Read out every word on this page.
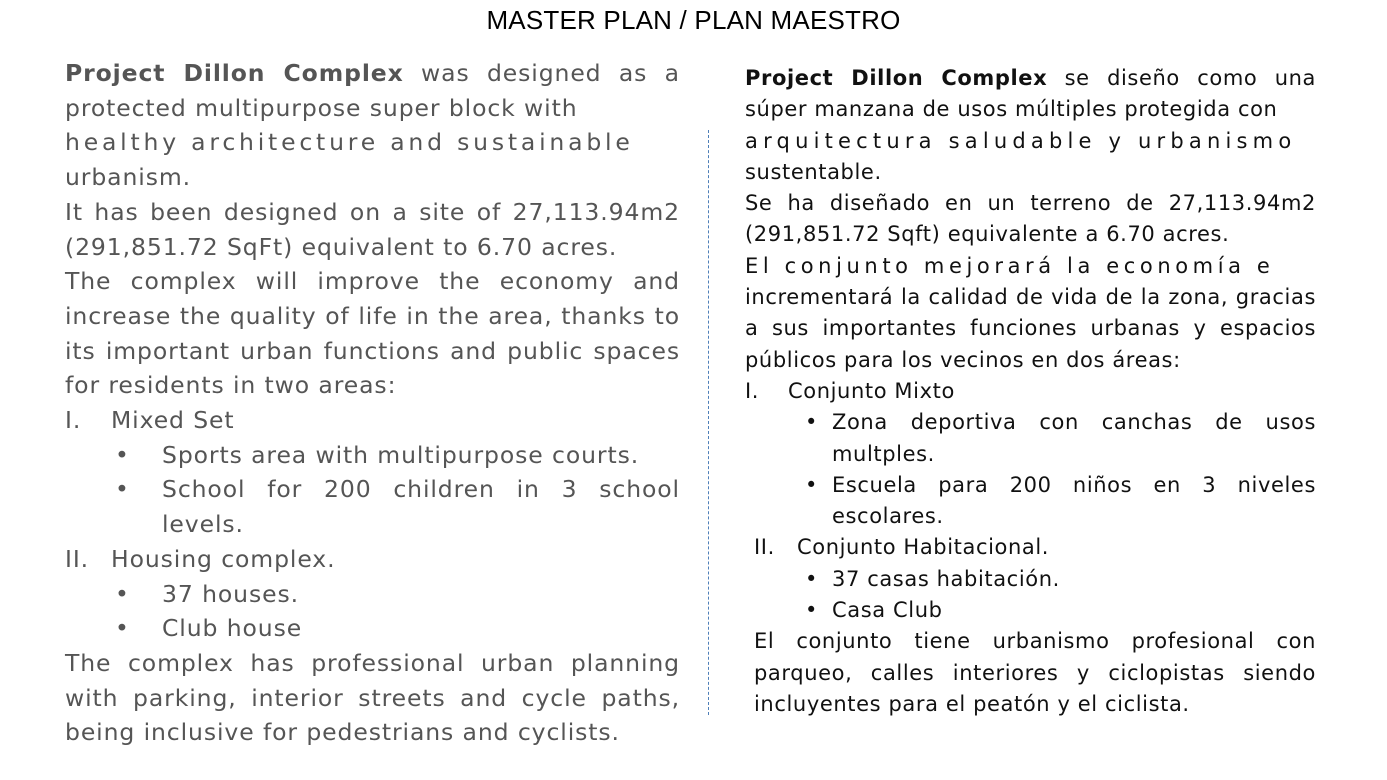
MASTER PLAN / PLAN MAESTRO

Project Dillon Complex was designed as a protected multipurpose super block with
healthy architecture and sustainable
urbanism.

It has been designed on a site of 27,113.94m2 (291,851.72 SqFt) equivalent to 6.70 acres.

The complex will improve the economy and increase the quality of life in the area, thanks to its important urban functions and public spaces for residents in two areas:

I.	Mixed Set
•	Sports area with multipurpose courts.
•	School for 200 children in 3 school levels.
II. Housing complex.
•	37 houses.
•	Club house

The complex has professional urban planning with parking, interior streets and cycle paths, being inclusive for pedestrians and cyclists.

Project Dillon Complex se diseño como una súper manzana de usos múltiples protegida con
arquitectura saludable y urbanismo
sustentable.

Se ha diseñado en un terreno de 27,113.94m2 (291,851.72 Sqft) equivalente a 6.70 acres.

El conjunto mejorará la economía e
incrementará la calidad de vida de la zona, gracias a sus importantes funciones urbanas y espacios públicos para los vecinos en dos áreas:

I.	Conjunto Mixto
• Zona deportiva con canchas de usos multples.
• Escuela para 200 niños en 3 niveles escolares.
II.	Conjunto Habitacional.
• 37 casas habitación.
• Casa Club

El conjunto tiene urbanismo profesional con parqueo, calles interiores y ciclopistas siendo incluyentes para el peatón y el ciclista.
